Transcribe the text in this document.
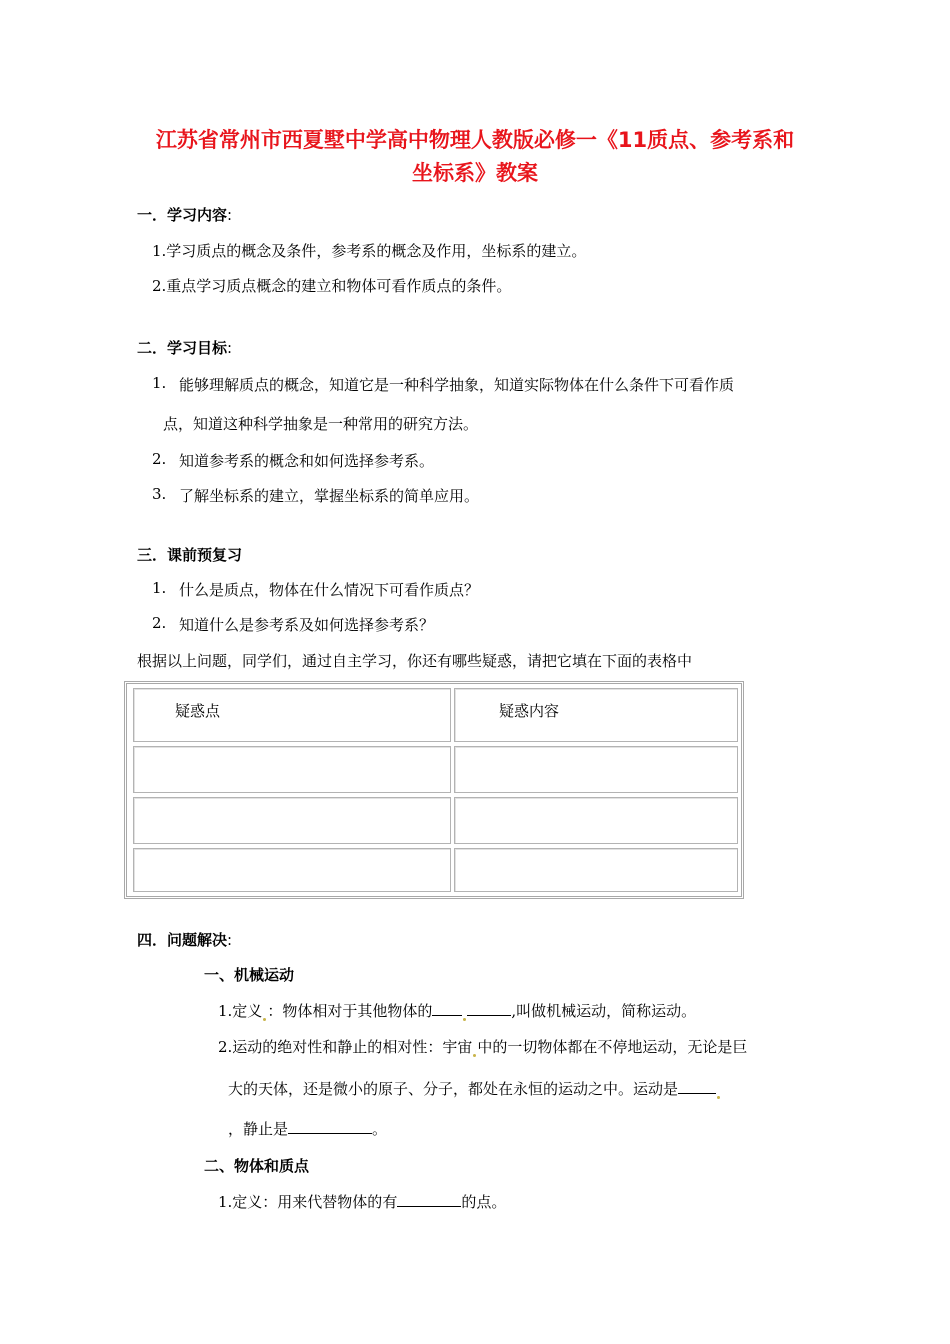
江苏省常州市西夏墅中学高中物理人教版必修一《11质点、参考系和
坐标系》教案
一．学习内容:
1.学习质点的概念及条件，参考系的概念及作用，坐标系的建立。
2.重点学习质点概念的建立和物体可看作质点的条件。
二．学习目标:
1. 能够理解质点的概念，知道它是一种科学抽象，知道实际物体在什么条件下可看作质
点，知道这种科学抽象是一种常用的研究方法。
2. 知道参考系的概念和如何选择参考系。
3. 了解坐标系的建立，掌握坐标系的简单应用。
三．课前预复习
1. 什么是质点，物体在什么情况下可看作质点？
2. 知道什么是参考系及如何选择参考系？
根据以上问题，同学们，通过自主学习，你还有哪些疑惑，请把它填在下面的表格中
疑惑点	疑惑内容
四．问题解决:
一、机械运动
1.定义 ：物体相对于其他物体的	,叫做机械运动，简称运动。
2.运动的绝对性和静止的相对性：宇宙 中的一切物体都在不停地运动，无论是巨
大的天体，还是微小的原子、分子，都处在永恒的运动之中。运动是
，静止是	。
二、物体和质点
1.定义：用来代替物体的有	的点。
